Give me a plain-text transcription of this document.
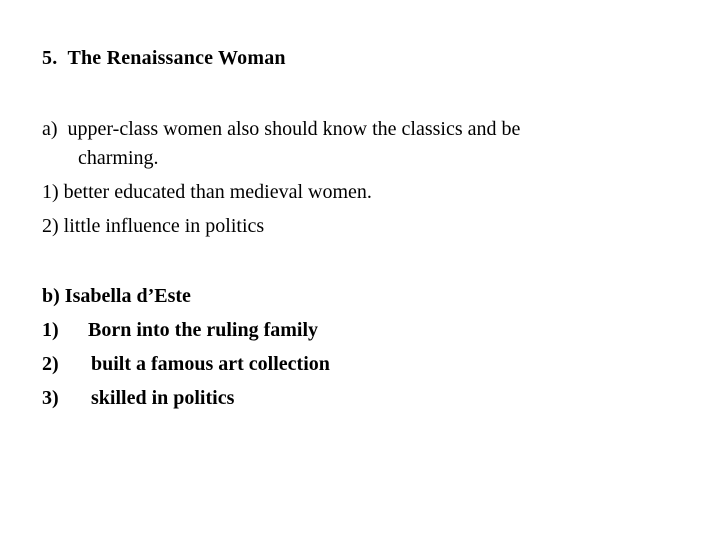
5.  The Renaissance Woman
a)  upper-class women also should know the classics and be
charming.
1) better educated than medieval women.
2) little influence in politics
b) Isabella d’Este
1) Born into the ruling family
2) built a famous art collection
3) skilled in politics
